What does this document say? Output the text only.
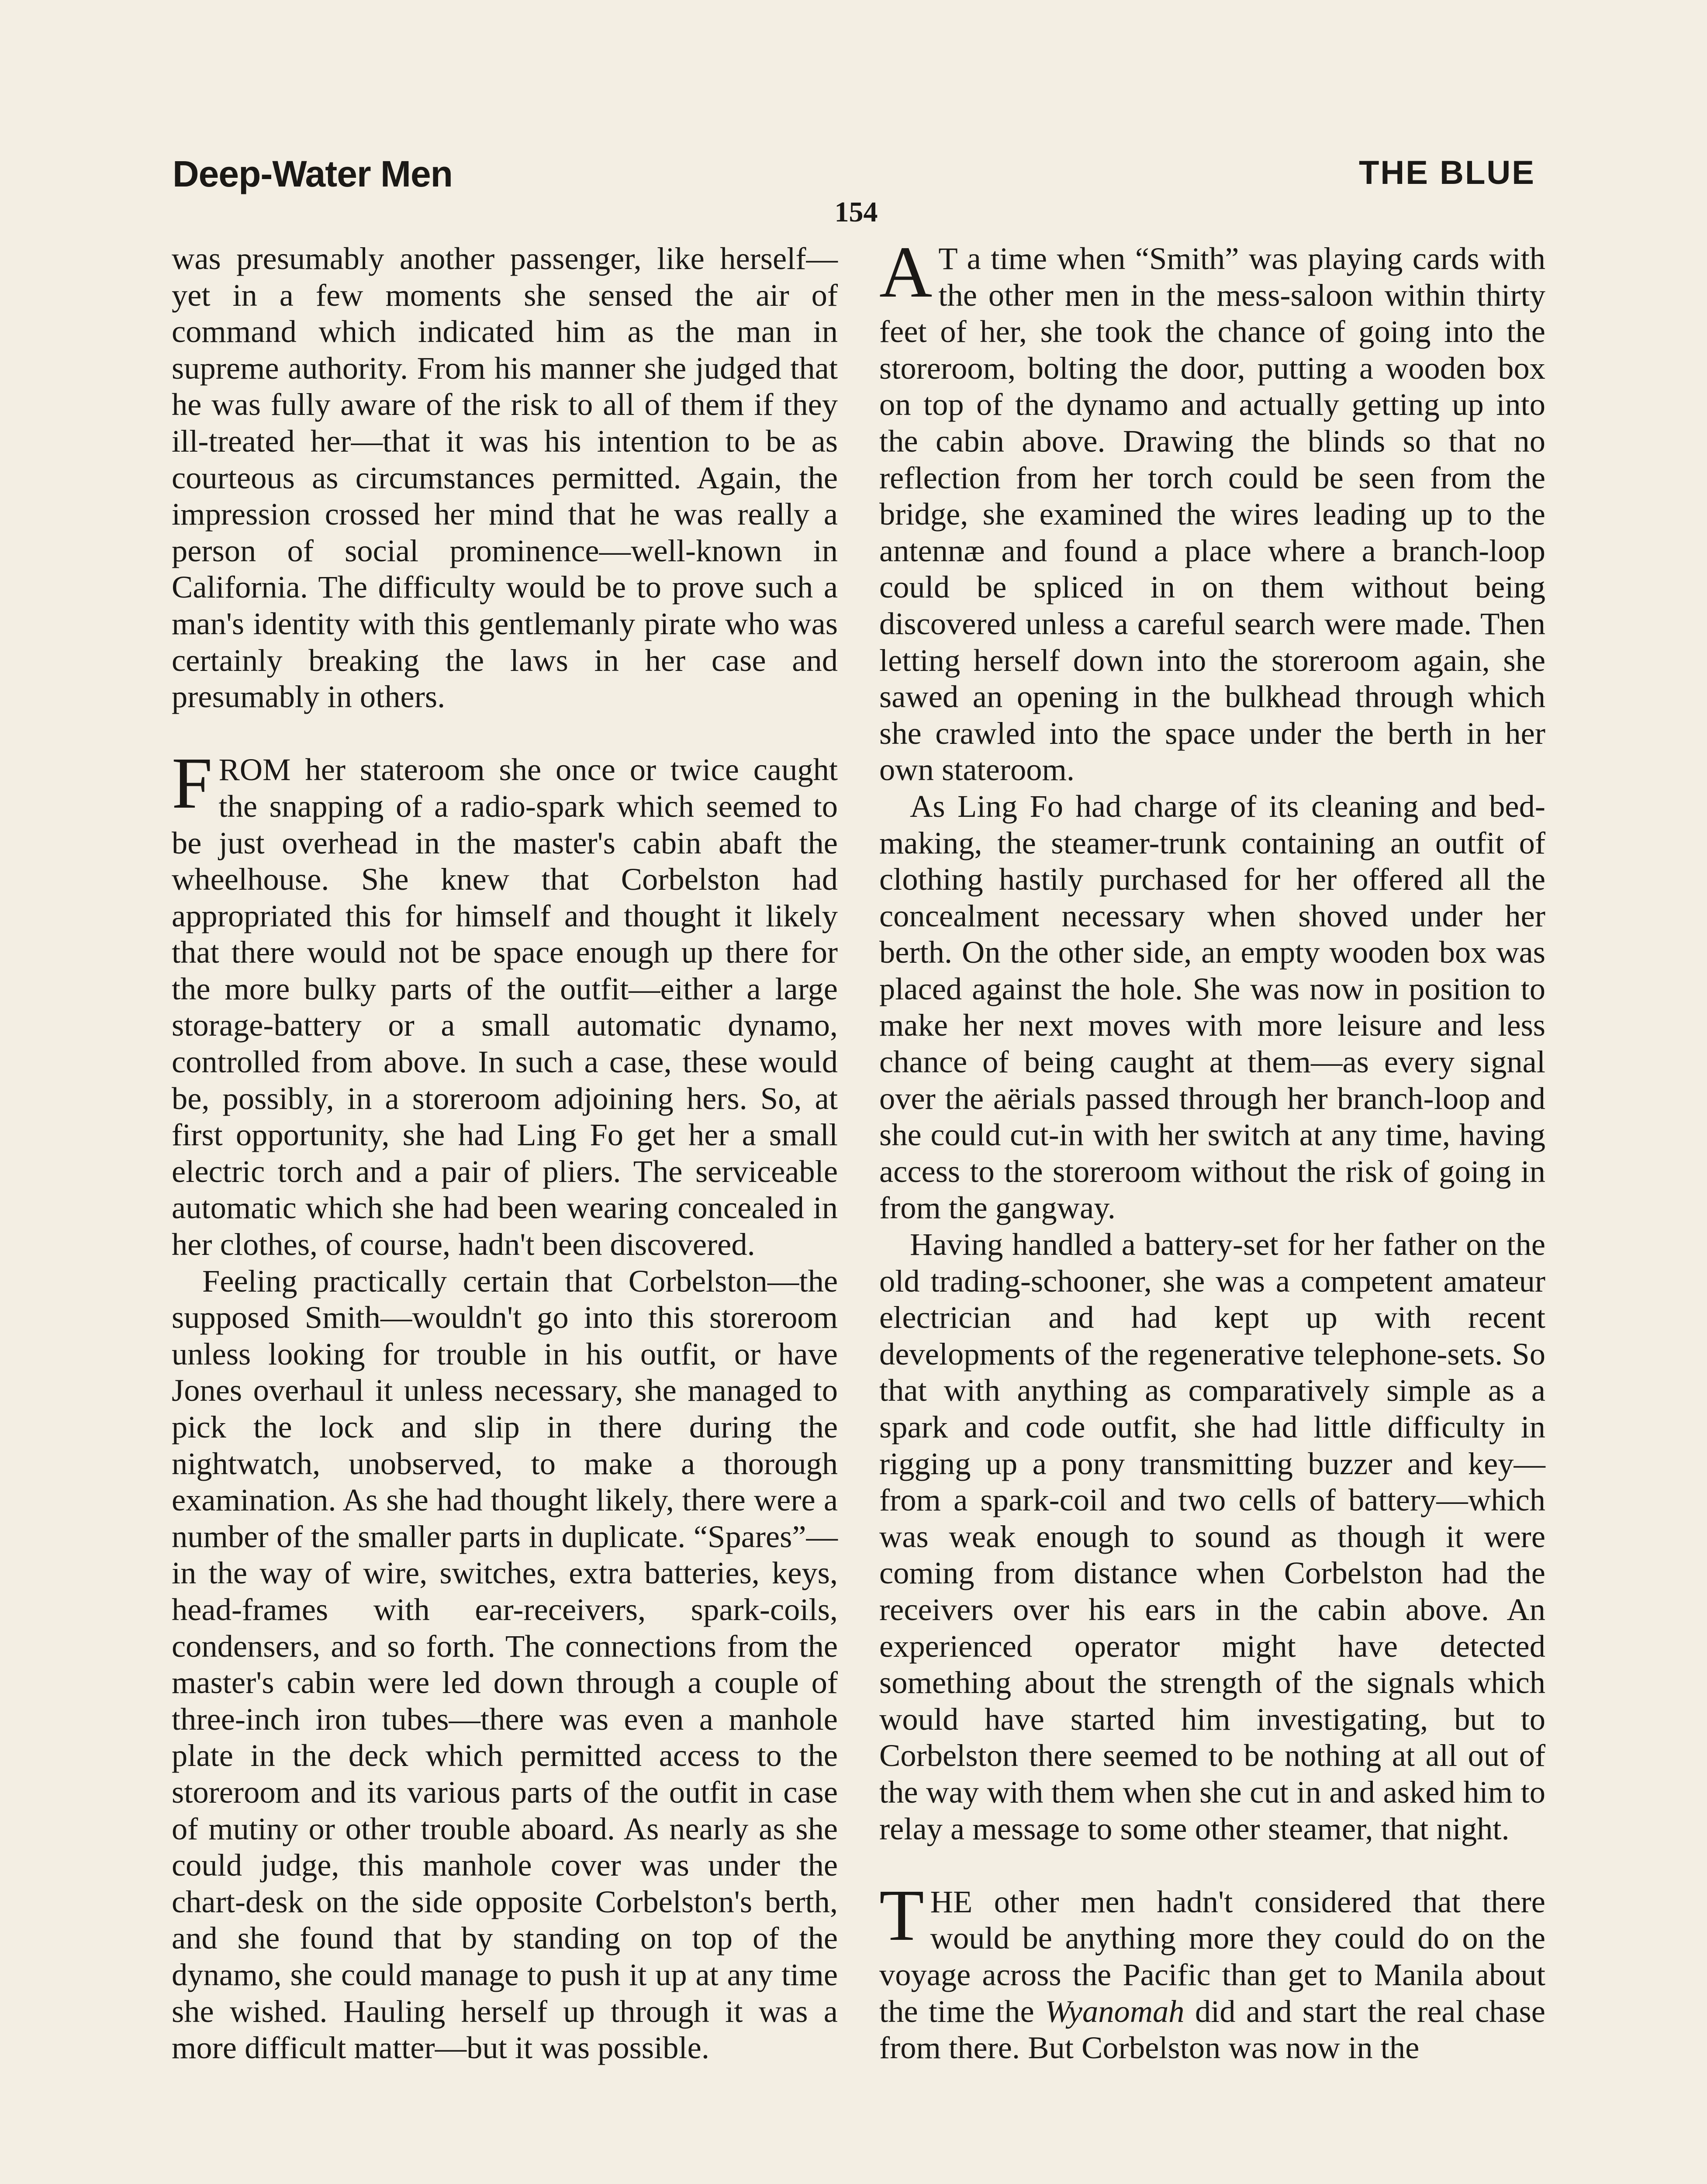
Deep-Water Men	THE BLUE
154

was presumably another passenger, like herself—yet in a few moments she sensed the air of command which indicated him as the man in supreme authority. From his manner she judged that he was fully aware of the risk to all of them if they ill-treated her—that it was his intention to be as courteous as circumstances permitted. Again, the impression crossed her mind that he was really a person of social prominence—well-known in California. The difficulty would be to prove such a man's identity with this gentlemanly pirate who was certainly breaking the laws in her case and presumably in others.

FROM her stateroom she once or twice caught the snapping of a radio-spark which seemed to be just overhead in the master's cabin abaft the wheelhouse. She knew that Corbelston had appropriated this for himself and thought it likely that there would not be space enough up there for the more bulky parts of the outfit—either a large storage-battery or a small automatic dynamo, controlled from above. In such a case, these would be, possibly, in a storeroom adjoining hers. So, at first opportunity, she had Ling Fo get her a small electric torch and a pair of pliers. The serviceable automatic which she had been wearing concealed in her clothes, of course, hadn't been discovered.

Feeling practically certain that Corbelston—the supposed Smith—wouldn't go into this storeroom unless looking for trouble in his outfit, or have Jones overhaul it unless necessary, she managed to pick the lock and slip in there during the nightwatch, unobserved, to make a thorough examination. As she had thought likely, there were a number of the smaller parts in duplicate. “Spares”—in the way of wire, switches, extra batteries, keys, head-frames with ear-receivers, spark-coils, condensers, and so forth. The connections from the master's cabin were led down through a couple of three-inch iron tubes—there was even a manhole plate in the deck which permitted access to the storeroom and its various parts of the outfit in case of mutiny or other trouble aboard. As nearly as she could judge, this manhole cover was under the chart-desk on the side opposite Corbelston's berth, and she found that by standing on top of the dynamo, she could manage to push it up at any time she wished. Hauling herself up through it was a more difficult matter—but it was possible.

A T a time when “Smith” was playing cards with the other men in the mess-saloon within thirty feet of her, she took the chance of going into the storeroom, bolting the door, putting a wooden box on top of the dynamo and actually getting up into the cabin above. Drawing the blinds so that no reflection from her torch could be seen from the bridge, she examined the wires leading up to the antennæ and found a place where a branch-loop could be spliced in on them without being discovered unless a careful search were made. Then letting herself down into the storeroom again, she sawed an opening in the bulkhead through which she crawled into the space under the berth in her own stateroom.

As Ling Fo had charge of its cleaning and bed-making, the steamer-trunk containing an outfit of clothing hastily purchased for her offered all the concealment necessary when shoved under her berth. On the other side, an empty wooden box was placed against the hole. She was now in position to make her next moves with more leisure and less chance of being caught at them—as every signal over the aërials passed through her branch-loop and she could cut-in with her switch at any time, having access to the storeroom without the risk of going in from the gangway.

Having handled a battery-set for her father on the old trading-schooner, she was a competent amateur electrician and had kept up with recent developments of the regenerative telephone-sets. So that with anything as comparatively simple as a spark and code outfit, she had little difficulty in rigging up a pony transmitting buzzer and key—from a spark-coil and two cells of battery—which was weak enough to sound as though it were coming from distance when Corbelston had the receivers over his ears in the cabin above. An experienced operator might have detected something about the strength of the signals which would have started him investigating, but to Corbelston there seemed to be nothing at all out of the way with them when she cut in and asked him to relay a message to some other steamer, that night.

THE other men hadn't considered that there would be anything more they could do on the voyage across the Pacific than get to Manila about the time the Wyanomah did and start the real chase from there. But Corbelston was now in the
